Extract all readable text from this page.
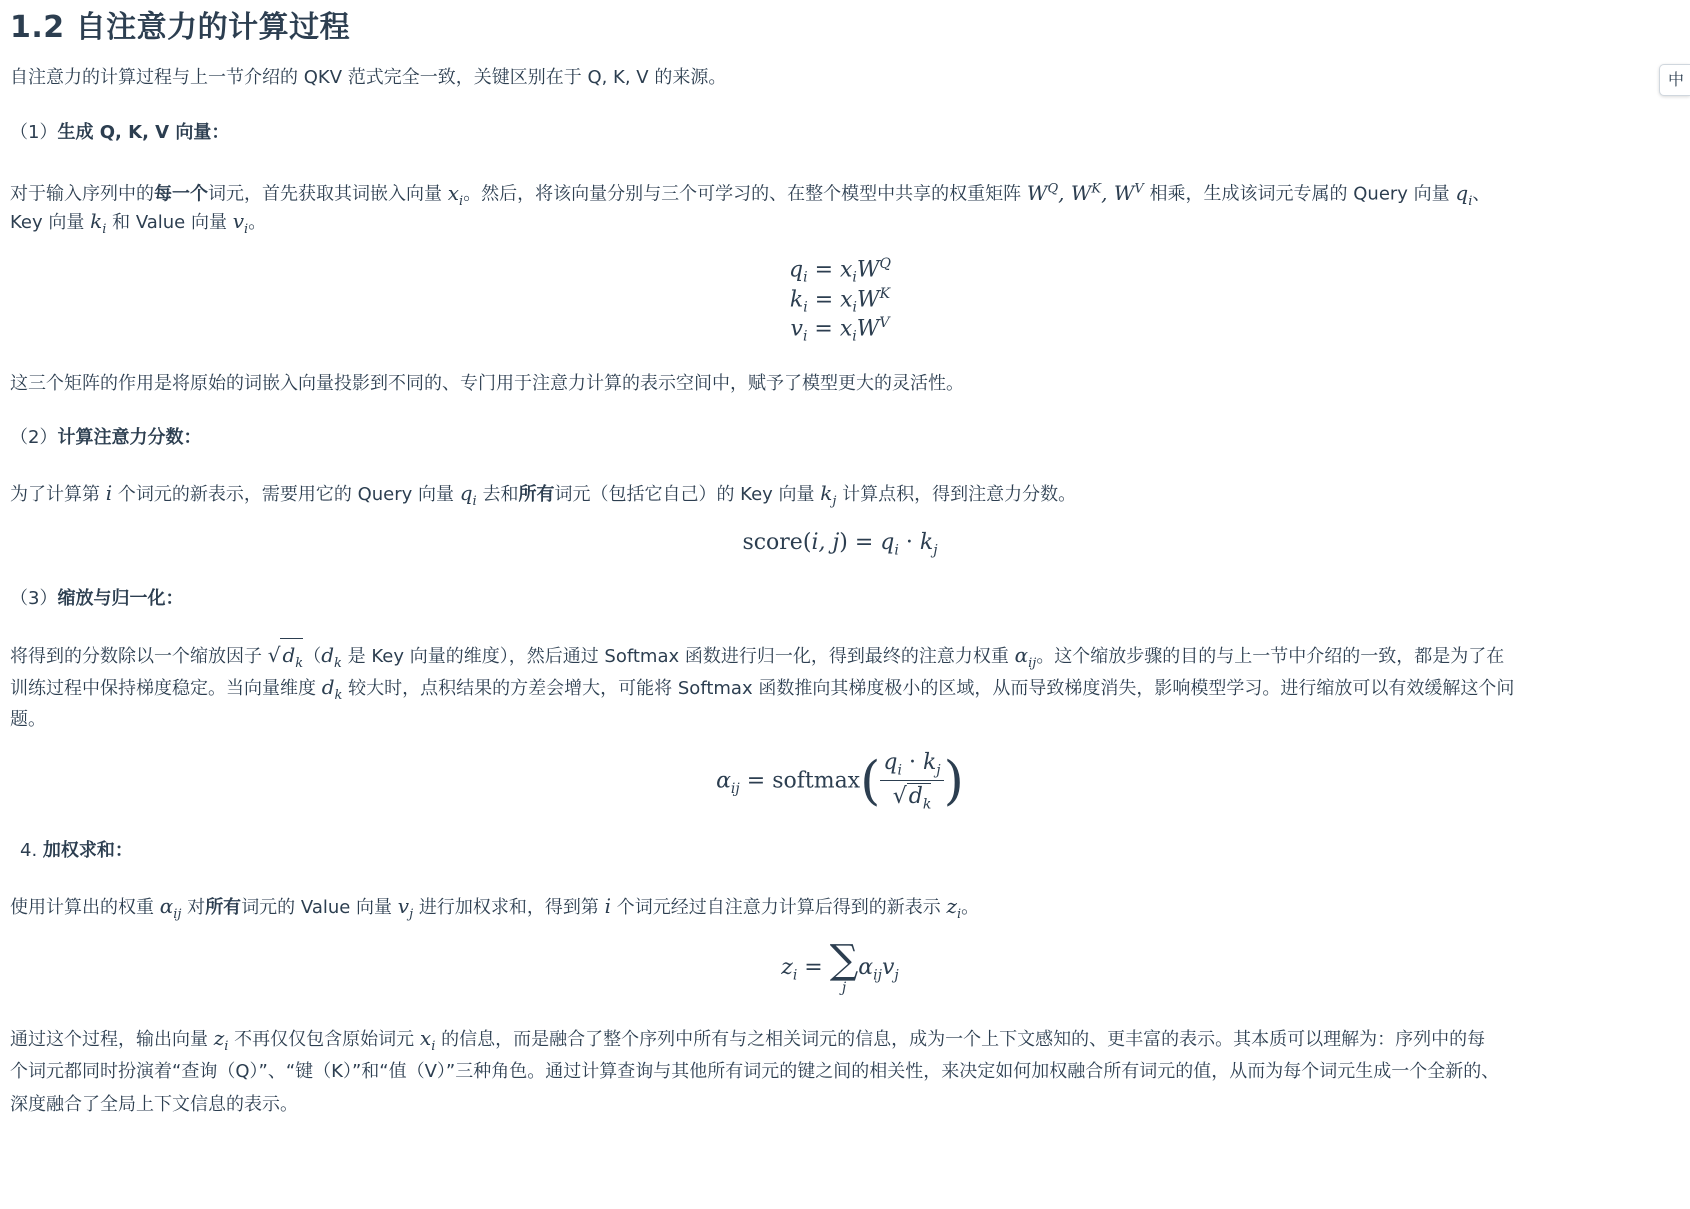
1.2 自注意力的计算过程

自注意力的计算过程与上一节介绍的 QKV 范式完全一致，关键区别在于 Q, K, V 的来源。

（1）生成 Q, K, V 向量：

对于输入序列中的每一个词元，首先获取其词嵌入向量 $x_i$。然后，将该向量分别与三个可学习的、在整个模型中共享的权重矩阵 $W^Q$, $W^K$, $W^V$ 相乘，生成该词元专属的 Query 向量 $q_i$、

Key 向量 $k_i$ 和 Value 向量 $v_i$。

$q_i = x_iW^Q$
$k_i = x_iW^K$
$v_i = x_iW^V$

这三个矩阵的作用是将原始的词嵌入向量投影到不同的、专门用于注意力计算的表示空间中，赋予了模型更大的灵活性。

（2）计算注意力分数：

为了计算第 i 个词元的新表示，需要用它的 Query 向量 $q_i$ 去和所有词元（包括它自己）的 Key 向量 $k_j$ 计算点积，得到注意力分数。

score(i, $j) = q_i \cdot k_j$
（3）缩放与归一化：

将得到的分数除以一个缩放因子 √ $d_k(d_k$ 是 Key 向量的维度），然后通过 Softmax 函数进行归一化，得到最终的注意力权重 $\alpha_{ij}$。这个缩放步骤的目的与上一节中介绍的一致，都是为了在

训练过程中保持梯度稳定。当向量维度 $d_k$ 较大时，点积结果的方差会增大，可能将 Softmax 函数推向其梯度极小的区域，从而导致梯度消失，影响模型学习。进行缩放可以有效缓解这个问

题。

$\alpha_{ij}$ = softmax( $\frac{q_i \cdot k_j}{√d_k}$ )
4. 加权求和：

使用计算出的权重 $\alpha_{ij}$ 对所有词元的 Value 向量 $v_j$ 进行加权求和，得到第 i 个词元经过自注意力计算后得到的新表示 $z_i$。

$z_i$ = ∑
j
$\alpha_{ij}v_j$

通过这个过程，输出向量 $z_i$ 不再仅仅包含原始词元 $x_i$ 的信息，而是融合了整个序列中所有与之相关词元的信息，成为一个上下文感知的、更丰富的表示。其本质可以理解为：序列中的每

个词元都同时扮演着“查询（Q）”、“键（K）”和“值（V）”三种角色。通过计算查询与其他所有词元的键之间的相关性，来决定如何加权融合所有词元的值，从而为每个词元生成一个全新的、

深度融合了全局上下文信息的表示。

中
